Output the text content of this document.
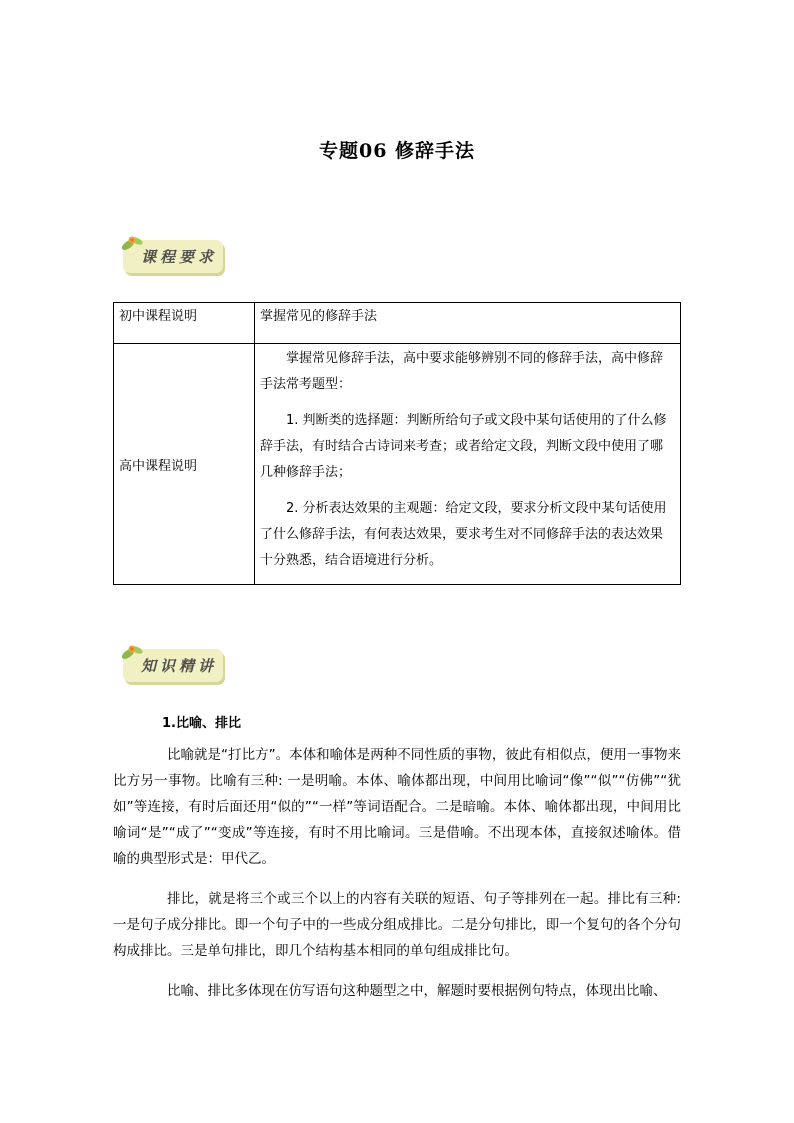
专题06 修辞手法
课程要求
初中课程说明	掌握常见的修辞手法
高中课程说明	掌握常见修辞手法，高中要求能够辨别不同的修辞手法，高中修辞手法常考题型：

1. 判断类的选择题：判断所给句子或文段中某句话使用的了什么修辞手法，有时结合古诗词来考查；或者给定文段，判断文段中使用了哪几种修辞手法；

2. 分析表达效果的主观题：给定文段，要求分析文段中某句话使用了什么修辞手法，有何表达效果，要求考生对不同修辞手法的表达效果十分熟悉，结合语境进行分析。

知识精讲
1.比喻、排比

比喻就是“打比方”。本体和喻体是两种不同性质的事物，彼此有相似点，便用一事物来比方另一事物。比喻有三种: 一是明喻。本体、喻体都出现，中间用比喻词“像”“似”“仿佛”“犹如”等连接，有时后面还用“似的”“一样”等词语配合。二是暗喻。本体、喻体都出现，中间用比喻词“是”“成了”“变成”等连接，有时不用比喻词。三是借喻。不出现本体，直接叙述喻体。借喻的典型形式是：甲代乙。

排比，就是将三个或三个以上的内容有关联的短语、句子等排列在一起。排比有三种: 一是句子成分排比。即一个句子中的一些成分组成排比。二是分句排比，即一个复句的各个分句构成排比。三是单句排比，即几个结构基本相同的单句组成排比句。

比喻、排比多体现在仿写语句这种题型之中，解题时要根据例句特点，体现出比喻、
